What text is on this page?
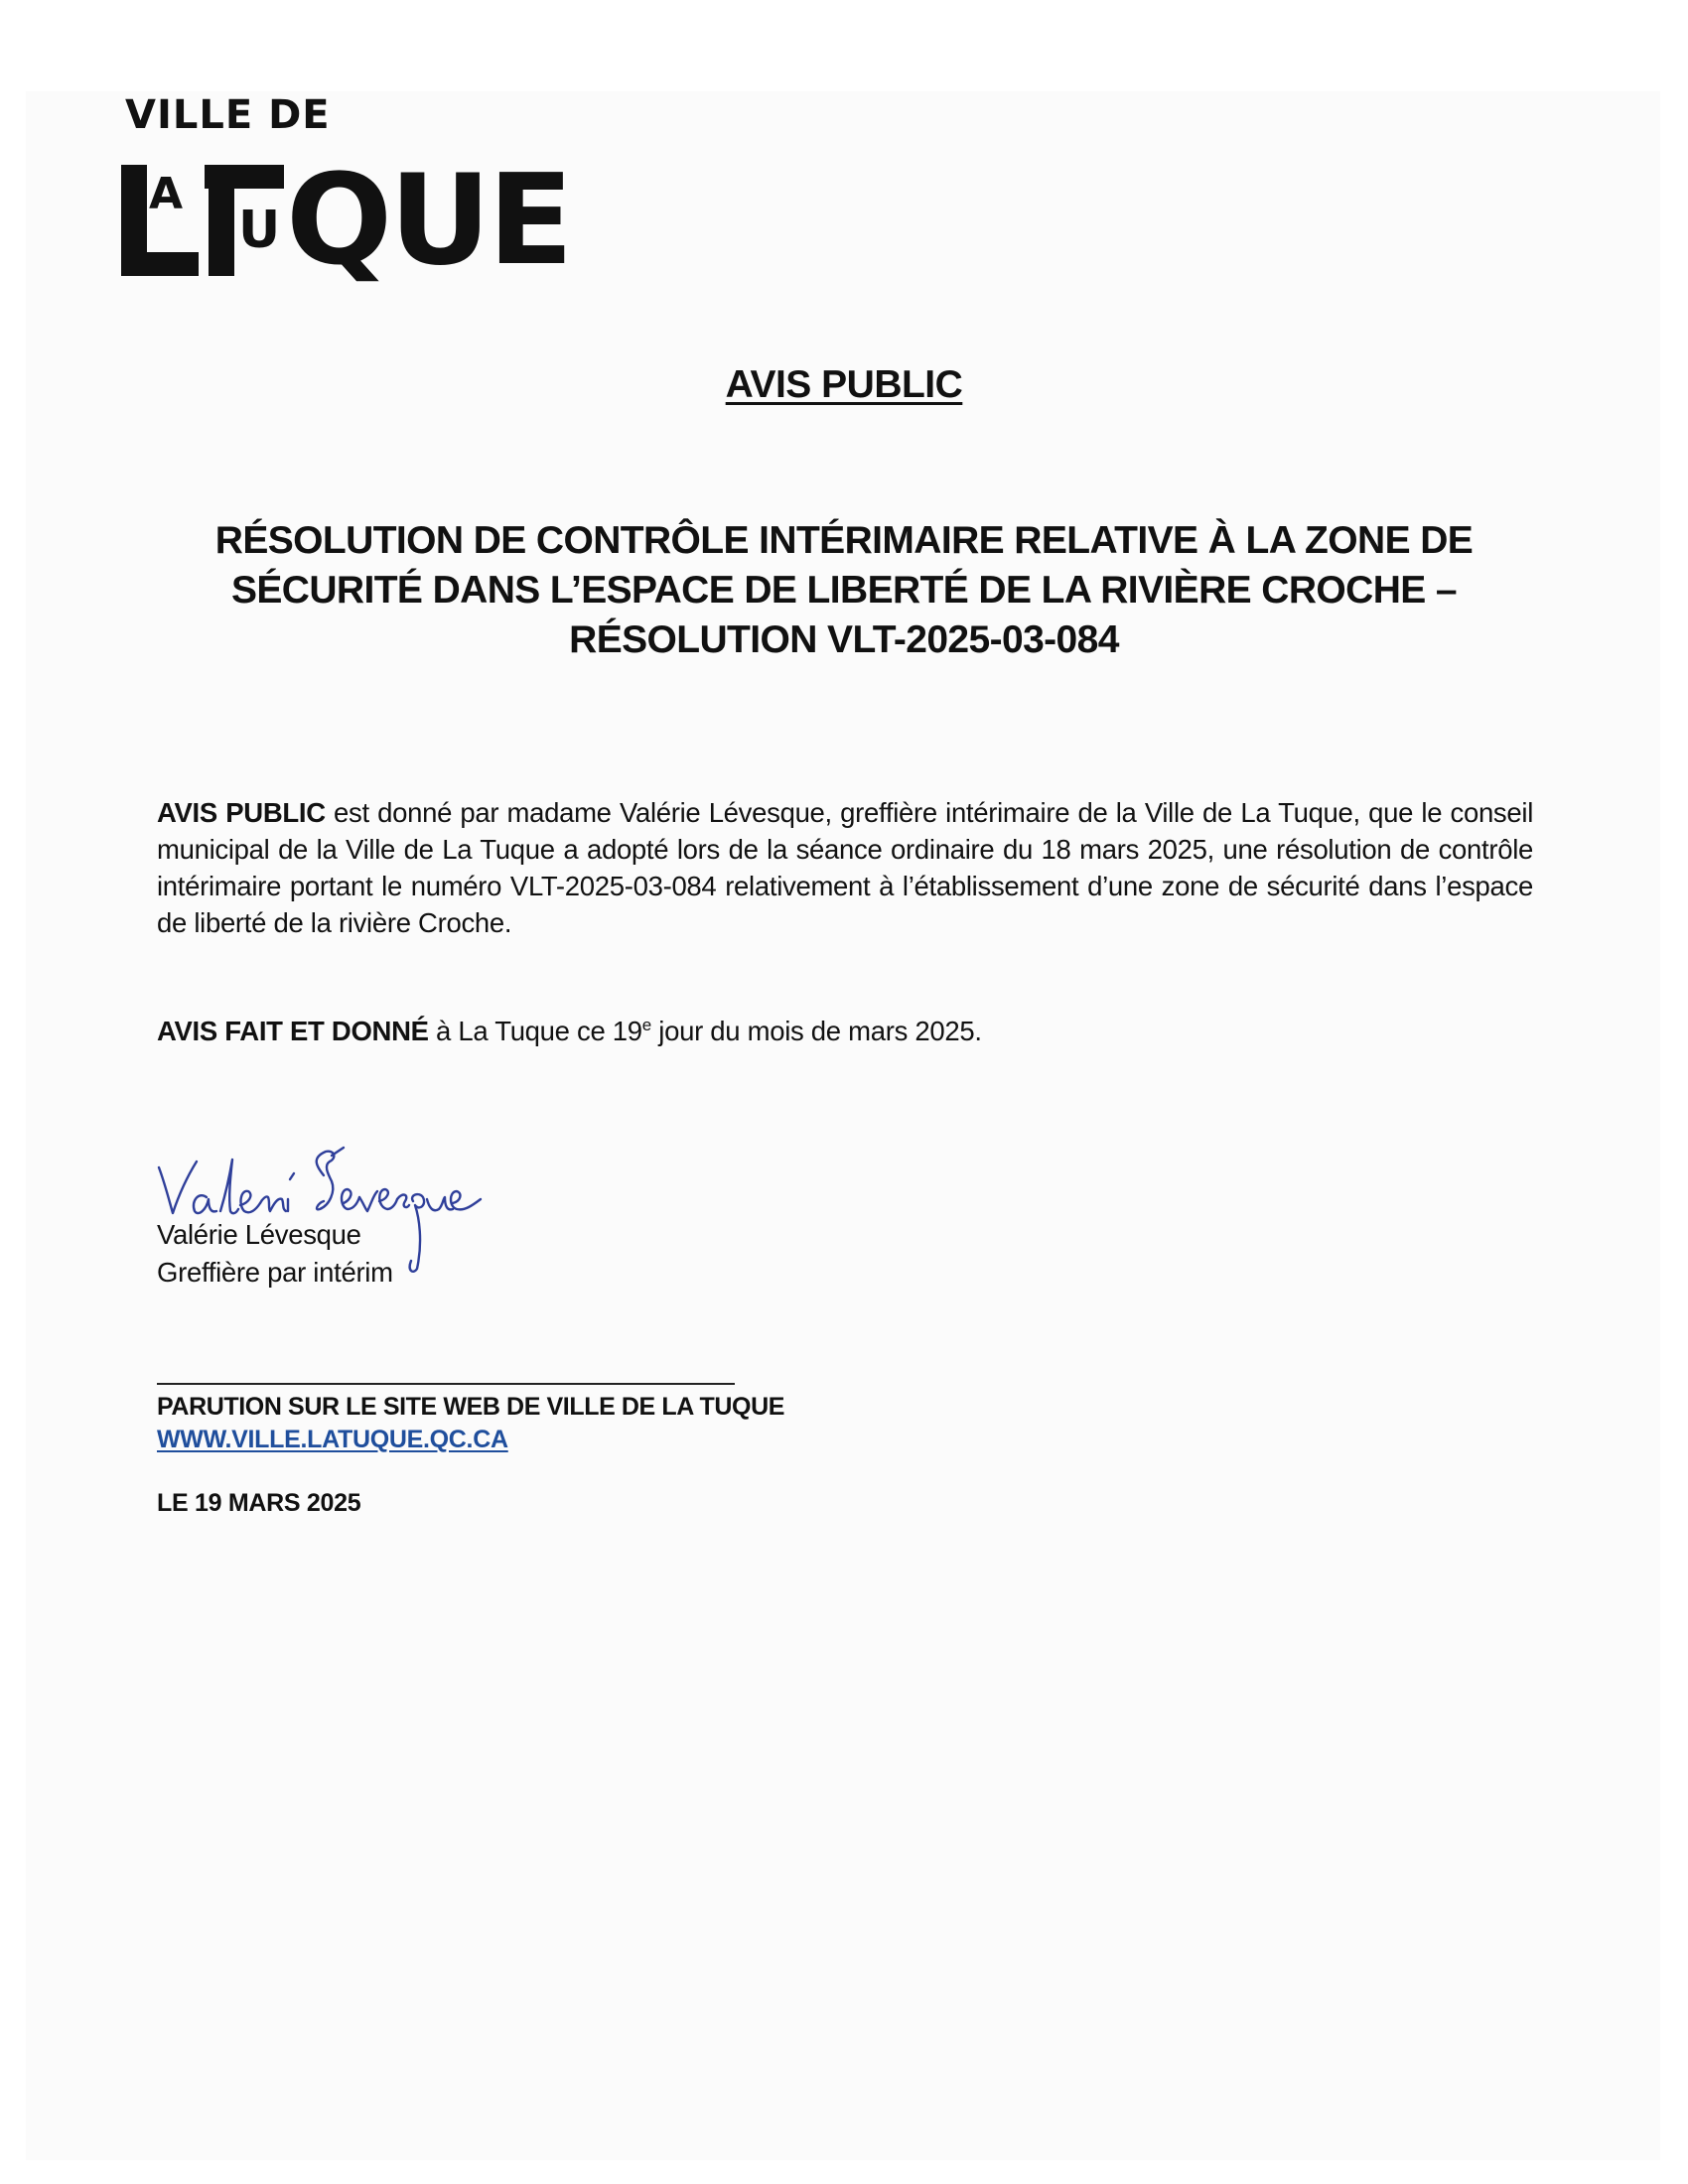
VILLE DE
A
U QUE
AVIS PUBLIC
RÉSOLUTION DE CONTRÔLE INTÉRIMAIRE RELATIVE À LA ZONE DE
SÉCURITÉ DANS L’ESPACE DE LIBERTÉ DE LA RIVIÈRE CROCHE –
RÉSOLUTION VLT-2025-03-084
AVIS PUBLIC est donné par madame Valérie Lévesque, greffière intérimaire de la Ville de La Tuque, que le conseil municipal de la Ville de La Tuque a adopté lors de la séance ordinaire du 18 mars 2025, une résolution de contrôle intérimaire portant le numéro VLT-2025-03-084 relativement à l’établissement d’une zone de sécurité dans l’espace de liberté de la rivière Croche.
AVIS FAIT ET DONNÉ à La Tuque ce 19e jour du mois de mars 2025.
Valérie Lévesque
Greffière par intérim
PARUTION SUR LE SITE WEB DE VILLE DE LA TUQUE
WWW.VILLE.LATUQUE.QC.CA
LE 19 MARS 2025
